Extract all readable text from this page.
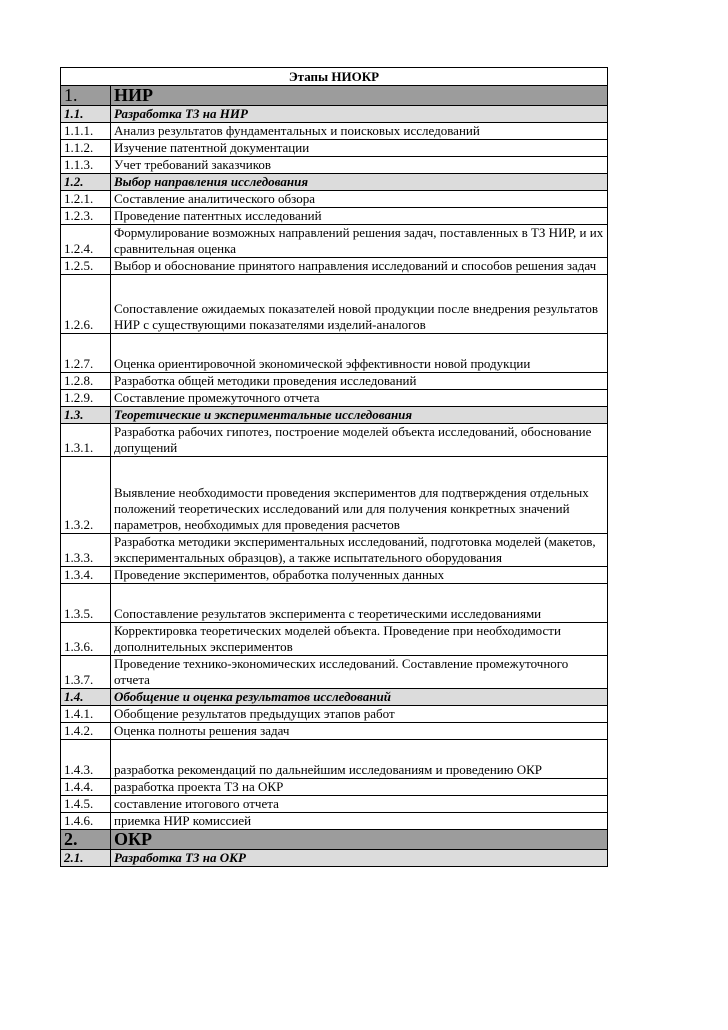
Этапы НИОКР	
1.	НИР
1.1.	Разработка ТЗ на НИР
1.1.1.	Анализ результатов фундаментальных и поисковых исследований
1.1.2.	Изучение патентной документации
1.1.3.	Учет требований заказчиков
1.2.	Выбор направления исследования
1.2.1.	Составление аналитического обзора
1.2.3.	Проведение патентных исследований
1.2.4.	Формулирование возможных направлений решения задач, поставленных в ТЗ НИР, и их сравнительная оценка
1.2.5.	Выбор и обоснование принятого направления исследований и способов решения задач
1.2.6.	Сопоставление ожидаемых показателей новой продукции после внедрения результатов НИР с существующими показателями изделий-аналогов
1.2.7.	Оценка ориентировочной экономической эффективности новой продукции
1.2.8.	Разработка общей методики проведения исследований
1.2.9.	Составление промежуточного отчета
1.3.	Теоретические и экспериментальные исследования
1.3.1.	Разработка рабочих гипотез, построение моделей объекта исследований, обоснование допущений
1.3.2.	Выявление необходимости проведения экспериментов для подтверждения отдельных положений теоретических исследований или для получения конкретных значений параметров, необходимых для проведения расчетов
1.3.3.	Разработка методики экспериментальных исследований, подготовка моделей (макетов, экспериментальных образцов), а также испытательного оборудования
1.3.4.	Проведение экспериментов, обработка полученных данных
1.3.5.	Сопоставление результатов эксперимента с теоретическими исследованиями
1.3.6.	Корректировка теоретических моделей объекта. Проведение при необходимости дополнительных экспериментов
1.3.7.	Проведение технико-экономических исследований. Составление промежуточного отчета
1.4.	Обобщение и оценка результатов исследований
1.4.1.	Обобщение результатов предыдущих этапов работ
1.4.2.	Оценка полноты решения задач
1.4.3.	разработка рекомендаций по дальнейшим исследованиям и проведению ОКР
1.4.4.	разработка проекта ТЗ на ОКР
1.4.5.	составление итогового отчета
1.4.6.	приемка НИР комиссией
2.	ОКР
2.1.	Разработка ТЗ на ОКР
